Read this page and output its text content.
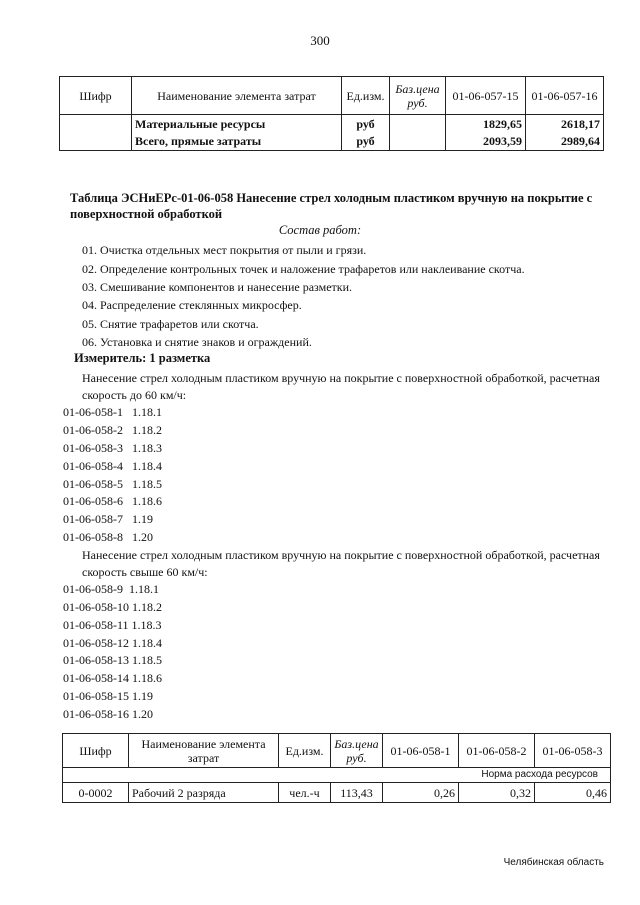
300
Шифр	Наименование элемента затрат	Ед.изм.	Баз.цена руб.	01-06-057-15	01-06-057-16
	Материальные ресурсы	руб		1829,65	2618,17
	Всего, прямые затраты	руб		2093,59	2989,64
Таблица ЭСНиЕРс-01-06-058 Нанесение стрел холодным пластиком вручную на покрытие с поверхностной обработкой
Состав работ:
01. Очистка отдельных мест покрытия от пыли и грязи.
02. Определение контрольных точек и наложение трафаретов или наклеивание скотча.
03. Смешивание компонентов и нанесение разметки.
04. Распределение стеклянных микросфер.
05. Снятие трафаретов или скотча.
06. Установка и снятие знаков и ограждений.
Измеритель: 1 разметка
Нанесение стрел холодным пластиком вручную на покрытие с поверхностной обработкой, расчетная скорость до 60 км/ч:
01-06-058-1 1.18.1
01-06-058-2 1.18.2
01-06-058-3 1.18.3
01-06-058-4 1.18.4
01-06-058-5 1.18.5
01-06-058-6 1.18.6
01-06-058-7 1.19
01-06-058-8 1.20
Нанесение стрел холодным пластиком вручную на покрытие с поверхностной обработкой, расчетная скорость свыше 60 км/ч:
01-06-058-9 1.18.1
01-06-058-10 1.18.2
01-06-058-11 1.18.3
01-06-058-12 1.18.4
01-06-058-13 1.18.5
01-06-058-14 1.18.6
01-06-058-15 1.19
01-06-058-16 1.20
Шифр	Наименование элемента затрат	Ед.изм.	Баз.цена руб.	01-06-058-1	01-06-058-2	01-06-058-3
Норма расхода ресурсов						
0-0002	Рабочий 2 разряда	чел.-ч	113,43	0,26	0,32	0,46
Челябинская область
